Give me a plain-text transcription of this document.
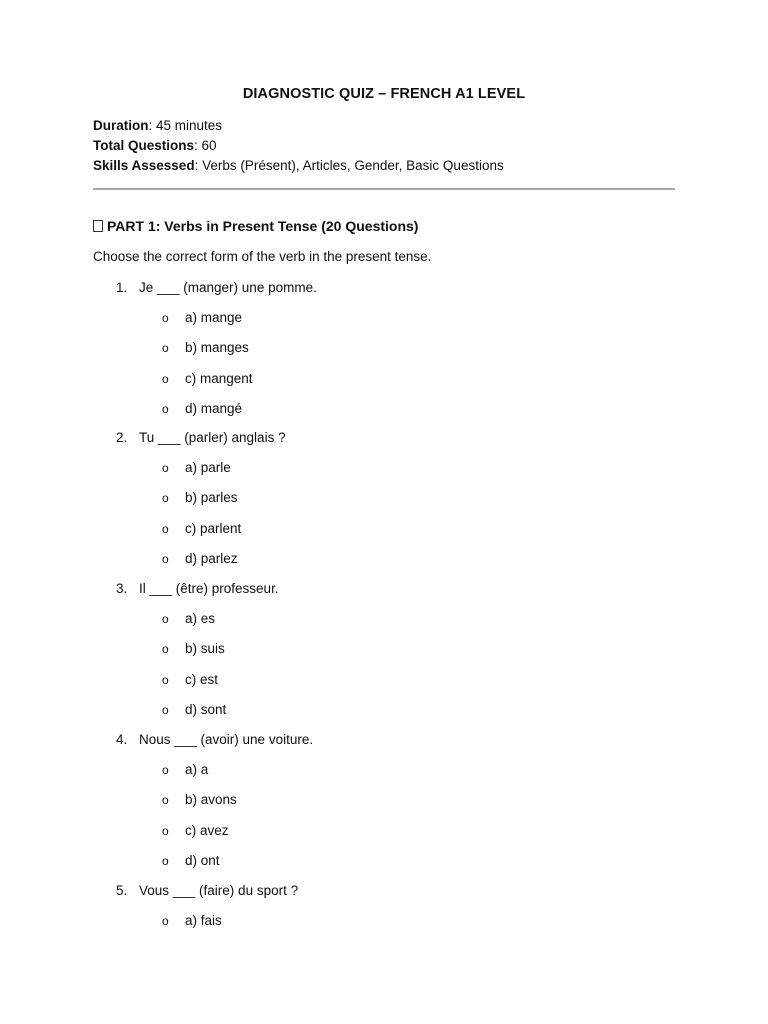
DIAGNOSTIC QUIZ – FRENCH A1 LEVEL
Duration: 45 minutes
Total Questions: 60
Skills Assessed: Verbs (Présent), Articles, Gender, Basic Questions
PART 1: Verbs in Present Tense (20 Questions)
Choose the correct form of the verb in the present tense.
1. Je ___ (manger) une pomme.
o a) mange
o b) manges
o c) mangent
o d) mangé
2. Tu ___ (parler) anglais ?
o a) parle
o b) parles
o c) parlent
o d) parlez
3. Il ___ (être) professeur.
o a) es
o b) suis
o c) est
o d) sont
4. Nous ___ (avoir) une voiture.
o a) a
o b) avons
o c) avez
o d) ont
5. Vous ___ (faire) du sport ?
o a) fais
